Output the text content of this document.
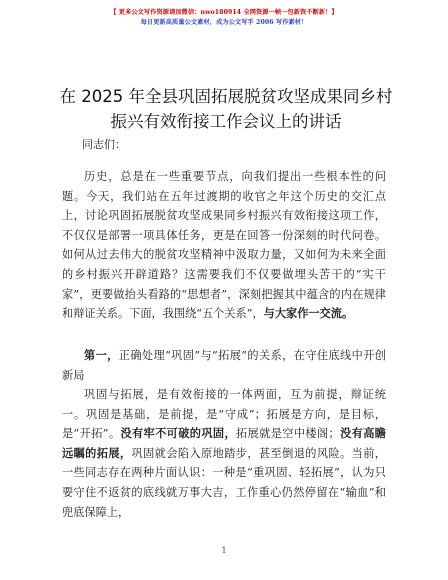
【 更多公文写作资源请加微信：nwo180914 全网资源一帧一包新资不断新！】
每日更新高质量公文素材，成为公文写手 2006 写作素材！
在 2025 年全县巩固拓展脱贫攻坚成果同乡村振兴有效衔接工作会议上的讲话
同志们：
历史，总是在一些重要节点，向我们提出一些根本性的问题。今天，我们站在五年过渡期的收官之年这个历史的交汇点上，讨论巩固拓展脱贫攻坚成果同乡村振兴有效衔接这项工作，不仅仅是部署一项具体任务，更是在回答一份深刻的时代问卷。如何从过去伟大的脱贫攻坚精神中汲取力量，又如何为未来全面的乡村振兴开辟道路？这需要我们不仅要做埋头苦干的“实干家”，更要做抬头看路的“思想者”，深刻把握其中蕴含的内在规律和辩证关系。下面，我围绕“五个关系”，与大家作一交流。
第一，正确处理“巩固”与“拓展”的关系，在守住底线中开创新局
巩固与拓展，是有效衔接的一体两面，互为前提，辩证统一。巩固是基础，是前提，是“守成”；拓展是方向，是目标，是“开拓”。没有牢不可破的巩固，拓展就是空中楼阁；没有高瞻远瞩的拓展，巩固就会陷入原地踏步，甚至倒退的风险。当前，一些同志存在两种片面认识：一种是“重巩固、轻拓展”，认为只要守住不返贫的底线就万事大吉，工作重心仍然停留在“输血”和兜底保障上，
1
